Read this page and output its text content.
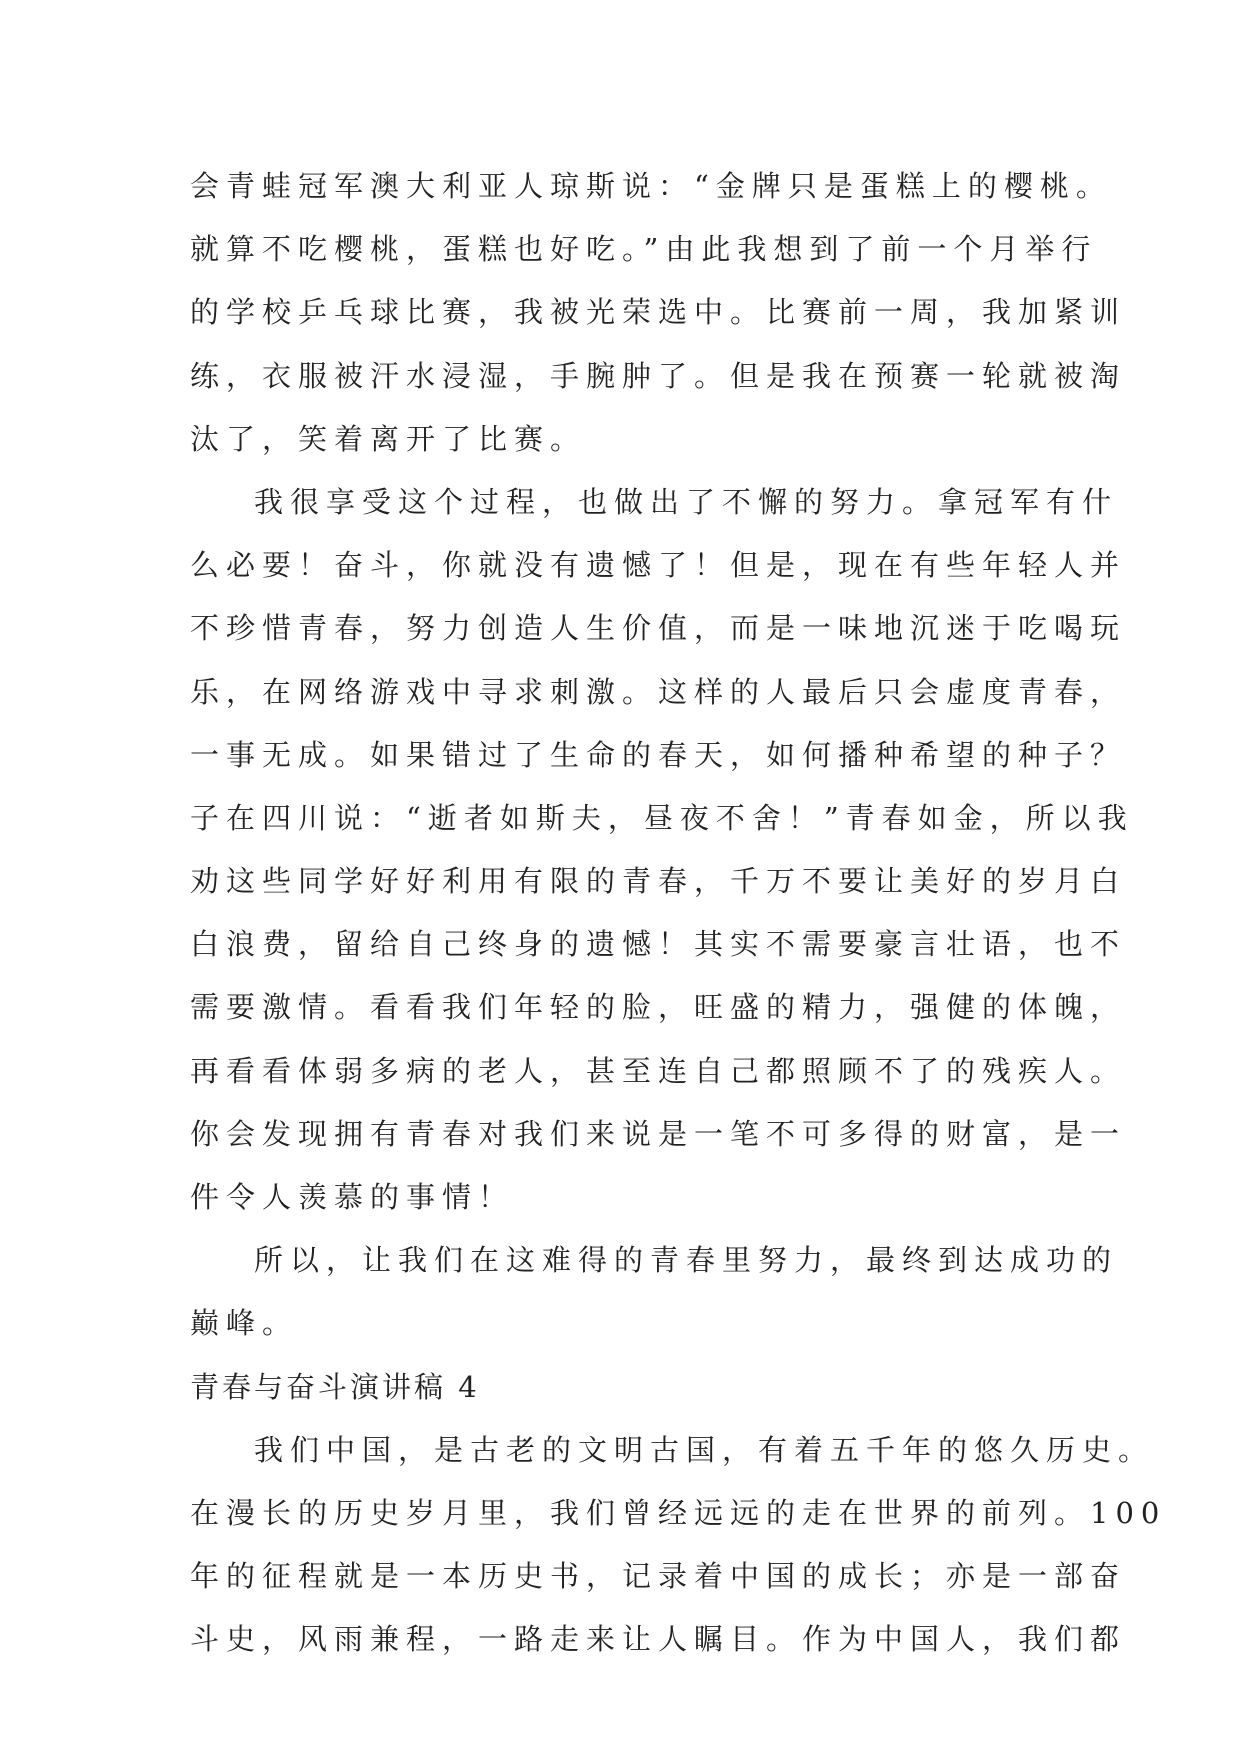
会青蛙冠军澳大利亚人琼斯说：“金牌只是蛋糕上的樱桃。
就算不吃樱桃，蛋糕也好吃。”由此我想到了前一个月举行
的学校乒乓球比赛，我被光荣选中。比赛前一周，我加紧训
练，衣服被汗水浸湿，手腕肿了。但是我在预赛一轮就被淘
汰了，笑着离开了比赛。
我很享受这个过程，也做出了不懈的努力。拿冠军有什
么必要！奋斗，你就没有遗憾了！但是，现在有些年轻人并
不珍惜青春，努力创造人生价值，而是一味地沉迷于吃喝玩
乐，在网络游戏中寻求刺激。这样的人最后只会虚度青春，
一事无成。如果错过了生命的春天，如何播种希望的种子？
子在四川说：“逝者如斯夫，昼夜不舍！”青春如金，所以我
劝这些同学好好利用有限的青春，千万不要让美好的岁月白
白浪费，留给自己终身的遗憾！其实不需要豪言壮语，也不
需要激情。看看我们年轻的脸，旺盛的精力，强健的体魄，
再看看体弱多病的老人，甚至连自己都照顾不了的残疾人。
你会发现拥有青春对我们来说是一笔不可多得的财富，是一
件令人羡慕的事情！
所以，让我们在这难得的青春里努力，最终到达成功的
巅峰。
青春与奋斗演讲稿 4
我们中国，是古老的文明古国，有着五千年的悠久历史。
在漫长的历史岁月里，我们曾经远远的走在世界的前列。100
年的征程就是一本历史书，记录着中国的成长；亦是一部奋
斗史，风雨兼程，一路走来让人瞩目。作为中国人，我们都
